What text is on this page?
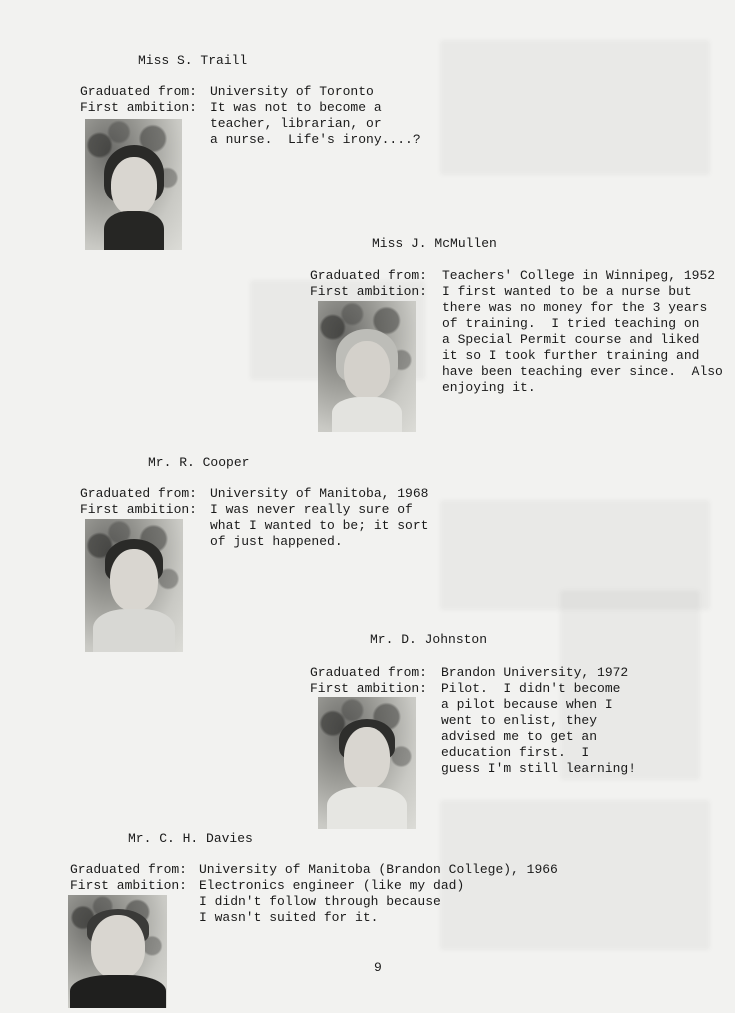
Miss S. Traill
Graduated from:
First ambition:
University of Toronto
It was not to become a
teacher, librarian, or
a nurse.  Life's irony....?
Miss J. McMullen
Graduated from:
First ambition:
Teachers' College in Winnipeg, 1952
I first wanted to be a nurse but
there was no money for the 3 years
of training.  I tried teaching on
a Special Permit course and liked
it so I took further training and
have been teaching ever since.  Also
enjoying it.
Mr. R. Cooper
Graduated from:
First ambition:
University of Manitoba, 1968
I was never really sure of
what I wanted to be; it sort
of just happened.
Mr. D. Johnston
Graduated from:
First ambition:
Brandon University, 1972
Pilot.  I didn't become
a pilot because when I
went to enlist, they
advised me to get an
education first.  I
guess I'm still learning!
Mr. C. H. Davies
Graduated from:
First ambition:
University of Manitoba (Brandon College), 1966
Electronics engineer (like my dad)
I didn't follow through because
I wasn't suited for it.
9
